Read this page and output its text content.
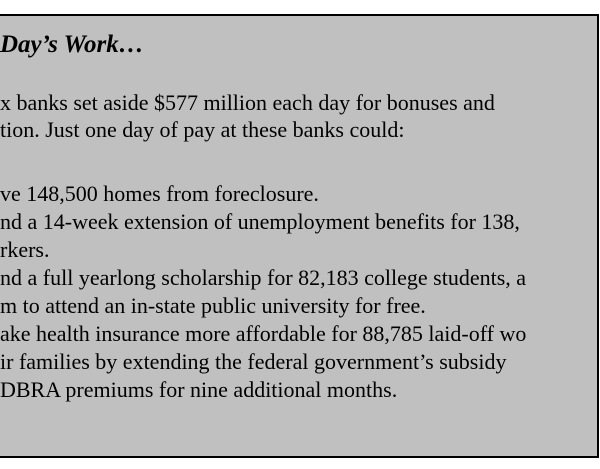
Day’s Work…

x banks set aside $577 million each day for bonuses and
tion. Just one day of pay at these banks could:

ve 148,500 homes from foreclosure.
nd a 14-week extension of unemployment benefits for 138,
rkers.
nd a full yearlong scholarship for 82,183 college students, a
m to attend an in-state public university for free.
ake health insurance more affordable for 88,785 laid-off wo
ir families by extending the federal government’s subsidy
DBRA premiums for nine additional months.
